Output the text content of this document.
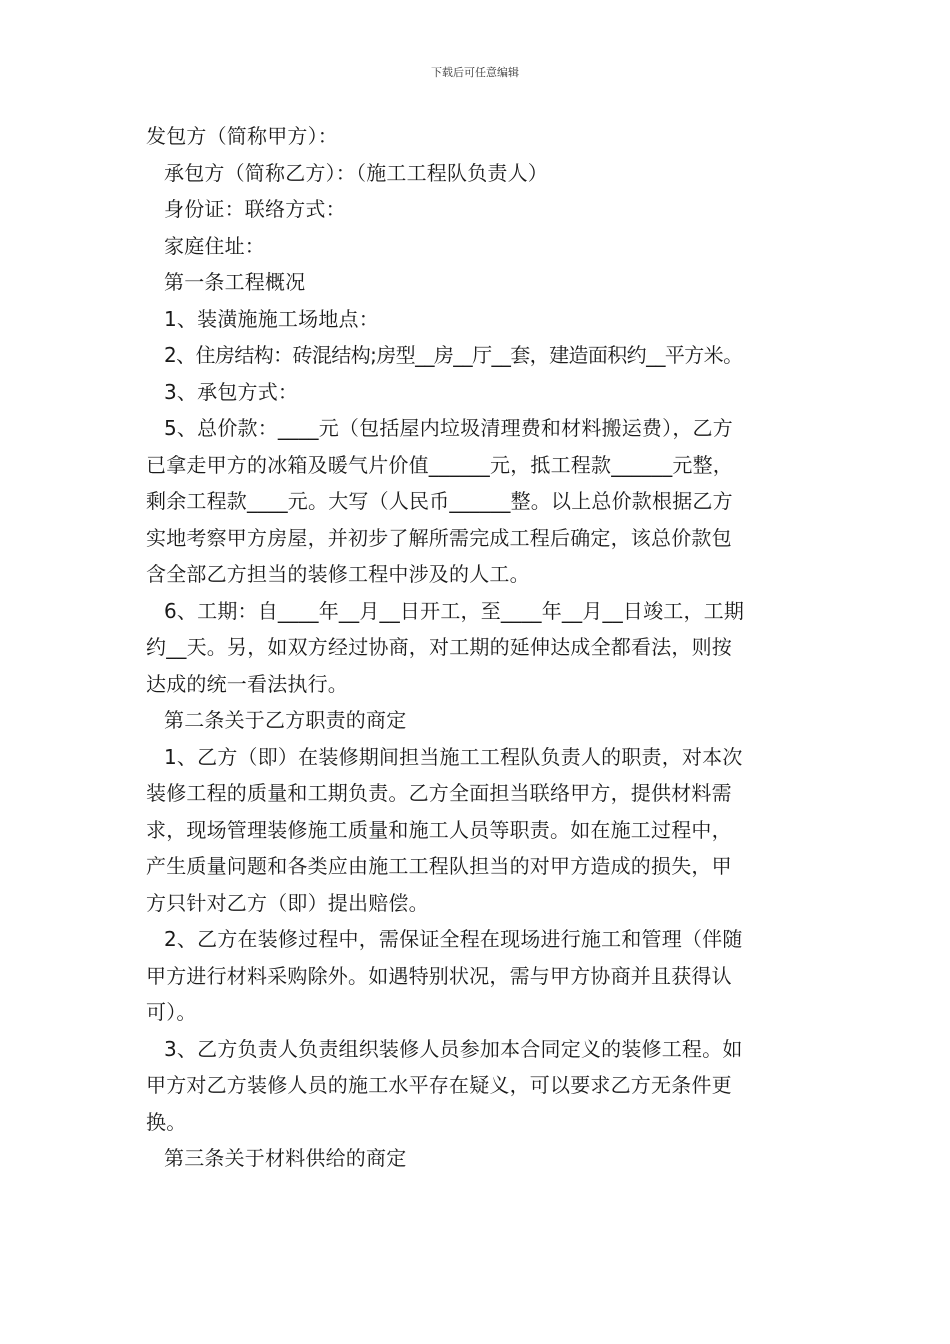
下载后可任意编辑
发包方（简称甲方）：
承包方（简称乙方）：（施工工程队负责人）
身份证：联络方式：
家庭住址：
第一条工程概况
1、装潢施施工场地点：
2、住房结构：砖混结构;房型__房__厅__套，建造面积约__平方米。
3、承包方式：
5、总价款：____元（包括屋内垃圾清理费和材料搬运费），乙方
已拿走甲方的冰箱及暖气片价值______元，抵工程款______元整，
剩余工程款____元。大写（人民币______整。以上总价款根据乙方
实地考察甲方房屋，并初步了解所需完成工程后确定，该总价款包
含全部乙方担当的装修工程中涉及的人工。
6、工期：自____年__月__日开工，至____年__月__日竣工，工期
约__天。另，如双方经过协商，对工期的延伸达成全都看法，则按
达成的统一看法执行。
第二条关于乙方职责的商定
1、乙方（即）在装修期间担当施工工程队负责人的职责，对本次
装修工程的质量和工期负责。乙方全面担当联络甲方，提供材料需
求，现场管理装修施工质量和施工人员等职责。如在施工过程中，
产生质量问题和各类应由施工工程队担当的对甲方造成的损失，甲
方只针对乙方（即）提出赔偿。
2、乙方在装修过程中，需保证全程在现场进行施工和管理（伴随
甲方进行材料采购除外。如遇特别状况，需与甲方协商并且获得认
可）。
3、乙方负责人负责组织装修人员参加本合同定义的装修工程。如
甲方对乙方装修人员的施工水平存在疑义，可以要求乙方无条件更
换。
第三条关于材料供给的商定
